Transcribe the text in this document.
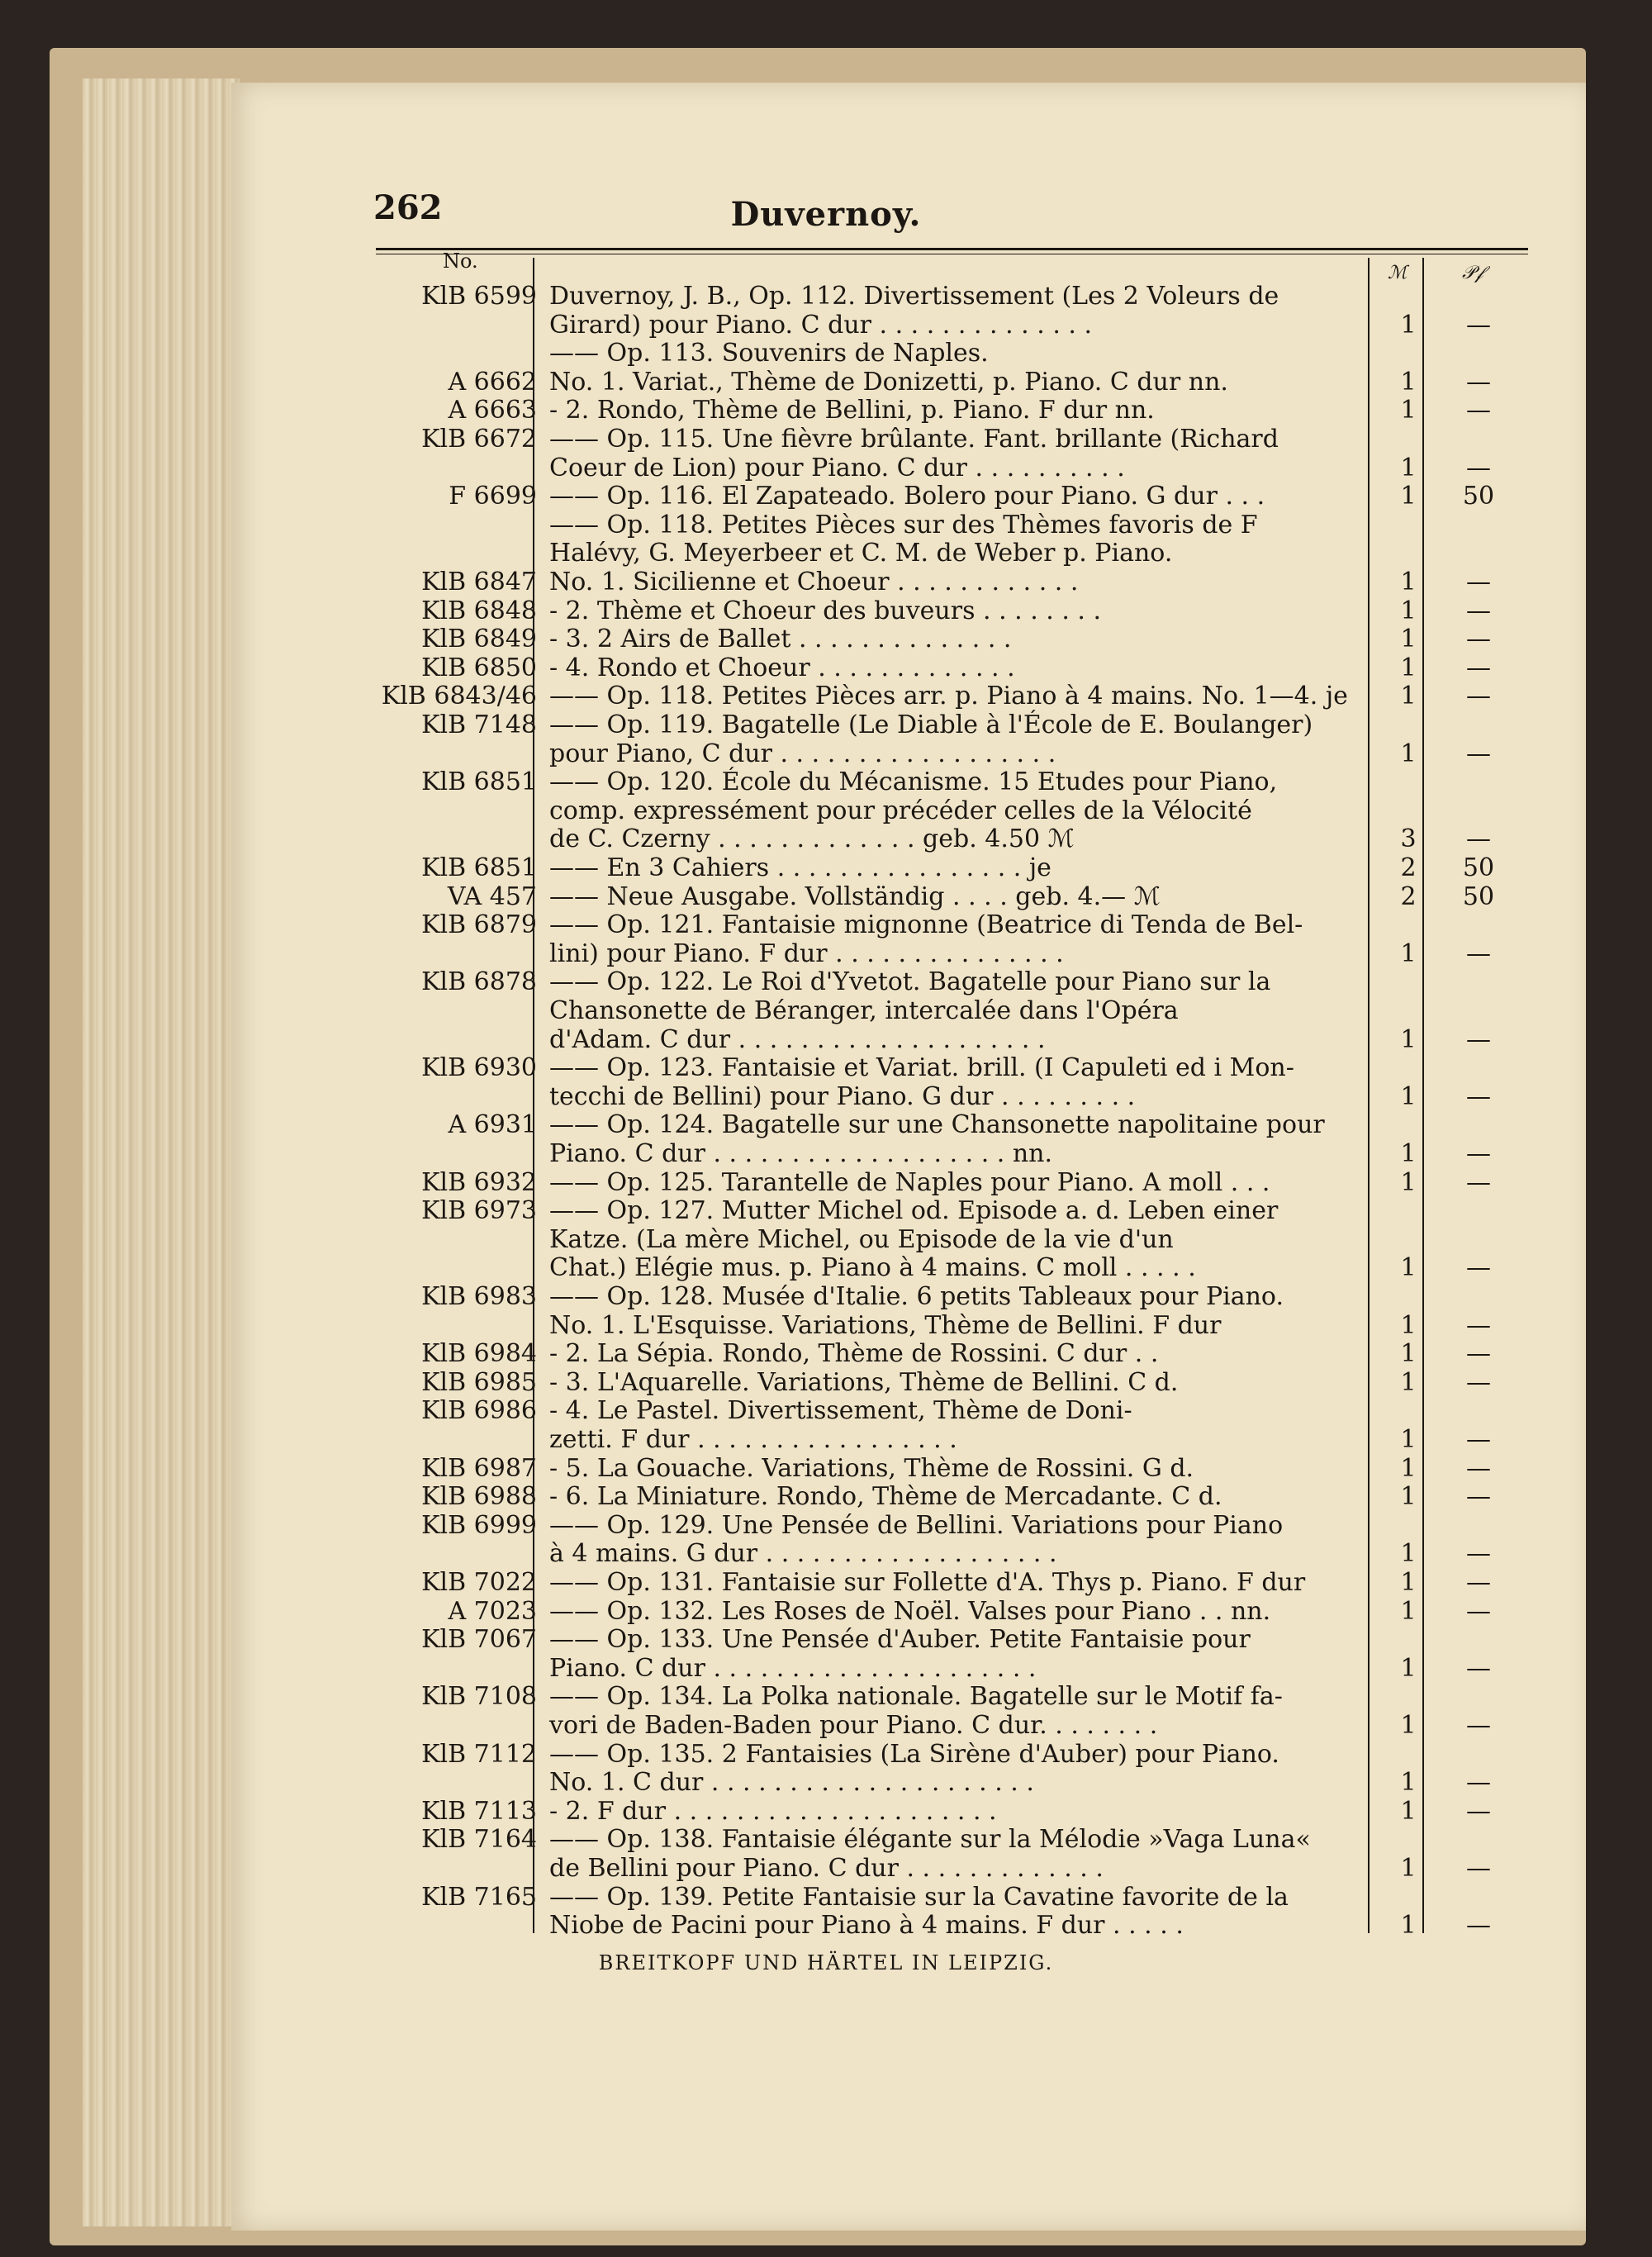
262	Duvernoy.
No.
ℳ	𝒫𝒻
KlB 6599 Duvernoy, J. B., Op. 112. Divertissement (Les 2 Voleurs de
Girard) pour Piano. C dur . . . . . . . . . . . . . .	1	—
—— Op. 113. Souvenirs de Naples.
A 6662 No. 1. Variat., Thème de Donizetti, p. Piano. C dur nn.	1	—
A 6663 - 2. Rondo, Thème de Bellini, p. Piano. F dur nn.	1	—
KlB 6672 —— Op. 115. Une fièvre brûlante. Fant. brillante (Richard
Coeur de Lion) pour Piano. C dur . . . . . . . . . .	1	—
F 6699 —— Op. 116. El Zapateado. Bolero pour Piano. G dur . . .	1	50
—— Op. 118. Petites Pièces sur des Thèmes favoris de F
Halévy, G. Meyerbeer et C. M. de Weber p. Piano.
KlB 6847 No. 1. Sicilienne et Choeur . . . . . . . . . . . .	1	—
KlB 6848 - 2. Thème et Choeur des buveurs . . . . . . . .	1	—
KlB 6849 - 3. 2 Airs de Ballet . . . . . . . . . . . . . .	1	—
KlB 6850 - 4. Rondo et Choeur . . . . . . . . . . . . .	1	—
KlB 6843/46 —— Op. 118. Petites Pièces arr. p. Piano à 4 mains. No. 1—4. je	1	—
KlB 7148 —— Op. 119. Bagatelle (Le Diable à l'École de E. Boulanger)
pour Piano, C dur . . . . . . . . . . . . . . . . . .	1	—
KlB 6851 —— Op. 120. École du Mécanisme. 15 Etudes pour Piano,
comp. expressément pour précéder celles de la Vélocité
de C. Czerny . . . . . . . . . . . . . geb. 4.50 ℳ	3	—
KlB 6851 —— En 3 Cahiers . . . . . . . . . . . . . . . . je	2	50
VA 457 —— Neue Ausgabe. Vollständig . . . . geb. 4.— ℳ	2	50
KlB 6879 —— Op. 121. Fantaisie mignonne (Beatrice di Tenda de Bel-
lini) pour Piano. F dur . . . . . . . . . . . . . . .	1	—
KlB 6878 —— Op. 122. Le Roi d'Yvetot. Bagatelle pour Piano sur la
Chansonette de Béranger, intercalée dans l'Opéra
d'Adam. C dur . . . . . . . . . . . . . . . . . . . .	1	—
KlB 6930 —— Op. 123. Fantaisie et Variat. brill. (I Capuleti ed i Mon-
tecchi de Bellini) pour Piano. G dur . . . . . . . . .	1	—
A 6931 —— Op. 124. Bagatelle sur une Chansonette napolitaine pour
Piano. C dur . . . . . . . . . . . . . . . . . . . nn.	1	—
KlB 6932 —— Op. 125. Tarantelle de Naples pour Piano. A moll . . .	1	—
KlB 6973 —— Op. 127. Mutter Michel od. Episode a. d. Leben einer
Katze. (La mère Michel, ou Episode de la vie d'un
Chat.) Elégie mus. p. Piano à 4 mains. C moll . . . . .	1	—
KlB 6983 —— Op. 128. Musée d'Italie. 6 petits Tableaux pour Piano.
No. 1. L'Esquisse. Variations, Thème de Bellini. F dur	1	—
KlB 6984 - 2. La Sépia. Rondo, Thème de Rossini. C dur . .	1	—
KlB 6985 - 3. L'Aquarelle. Variations, Thème de Bellini. C d.	1	—
KlB 6986 - 4. Le Pastel. Divertissement, Thème de Doni-
zetti. F dur . . . . . . . . . . . . . . . . .	1	—
KlB 6987 - 5. La Gouache. Variations, Thème de Rossini. G d.	1	—
KlB 6988 - 6. La Miniature. Rondo, Thème de Mercadante. C d.	1	—
KlB 6999 —— Op. 129. Une Pensée de Bellini. Variations pour Piano
à 4 mains. G dur . . . . . . . . . . . . . . . . . . .	1	—
KlB 7022 —— Op. 131. Fantaisie sur Follette d'A. Thys p. Piano. F dur	1	—
A 7023 —— Op. 132. Les Roses de Noël. Valses pour Piano . . nn.	1	—
KlB 7067 —— Op. 133. Une Pensée d'Auber. Petite Fantaisie pour
Piano. C dur . . . . . . . . . . . . . . . . . . . . .	1	—
KlB 7108 —— Op. 134. La Polka nationale. Bagatelle sur le Motif fa-
vori de Baden-Baden pour Piano. C dur. . . . . . . .	1	—
KlB 7112 —— Op. 135. 2 Fantaisies (La Sirène d'Auber) pour Piano.
No. 1. C dur . . . . . . . . . . . . . . . . . . . . .	1	—
KlB 7113 - 2. F dur . . . . . . . . . . . . . . . . . . . . .	1	—
KlB 7164 —— Op. 138. Fantaisie élégante sur la Mélodie »Vaga Luna«
de Bellini pour Piano. C dur . . . . . . . . . . . . .	1	—
KlB 7165 —— Op. 139. Petite Fantaisie sur la Cavatine favorite de la
Niobe de Pacini pour Piano à 4 mains. F dur . . . . .	1	—
BREITKOPF UND HÄRTEL IN LEIPZIG.
